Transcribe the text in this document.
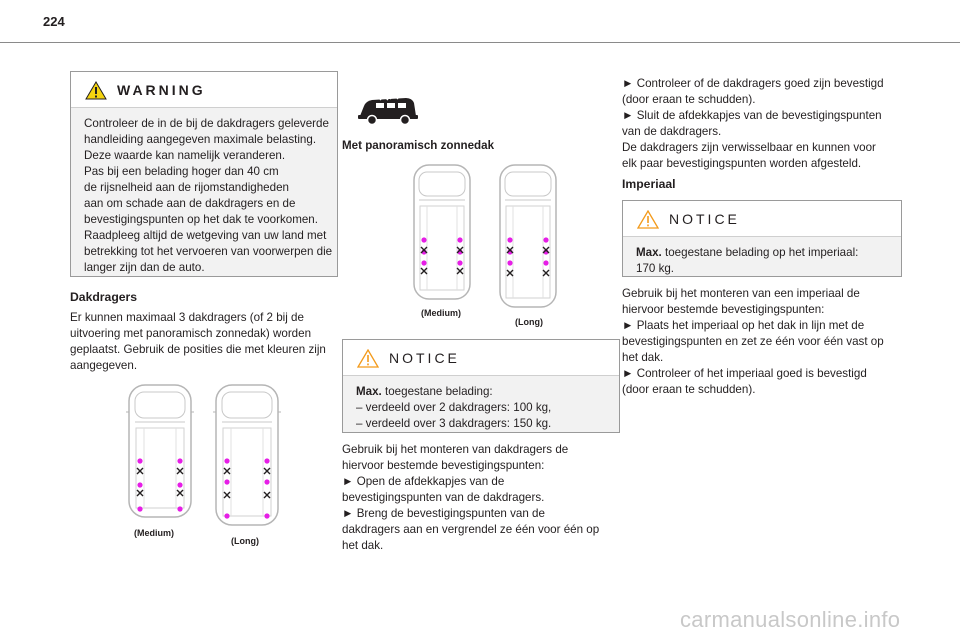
224
WARNING
Controleer de in de bij de dakdragers geleverde
handleiding aangegeven maximale belasting.
Deze waarde kan namelijk veranderen.
Pas bij een belading hoger dan 40 cm
de rijsnelheid aan de rijomstandigheden
aan om schade aan de dakdragers en de
bevestigingspunten op het dak te voorkomen.
Raadpleeg altijd de wetgeving van uw land met
betrekking tot het vervoeren van voorwerpen die
langer zijn dan de auto.
Dakdragers
Er kunnen maximaal 3 dakdragers (of 2 bij de
uitvoering met panoramisch zonnedak) worden
geplaatst. Gebruik de posities die met kleuren zijn
aangegeven.
(Medium)
(Long)
Met panoramisch zonnedak
(Medium)
(Long)
NOTICE
Max. toegestane belading:
– verdeeld over 2 dakdragers: 100 kg,
– verdeeld over 3 dakdragers: 150 kg.
Gebruik bij het monteren van dakdragers de
hiervoor bestemde bevestigingspunten:
► Open de afdekkapjes van de
bevestigingspunten van de dakdragers.
► Breng de bevestigingspunten van de
dakdragers aan en vergrendel ze één voor één op
het dak.
► Controleer of de dakdragers goed zijn bevestigd
(door eraan te schudden).
► Sluit de afdekkapjes van de bevestigingspunten
van de dakdragers.
De dakdragers zijn verwisselbaar en kunnen voor
elk paar bevestigingspunten worden afgesteld.
Imperiaal
NOTICE
Max. toegestane belading op het imperiaal:
170 kg.
Gebruik bij het monteren van een imperiaal de
hiervoor bestemde bevestigingspunten:
► Plaats het imperiaal op het dak in lijn met de
bevestigingspunten en zet ze één voor één vast op
het dak.
► Controleer of het imperiaal goed is bevestigd
(door eraan te schudden).
carmanualsonline.info
